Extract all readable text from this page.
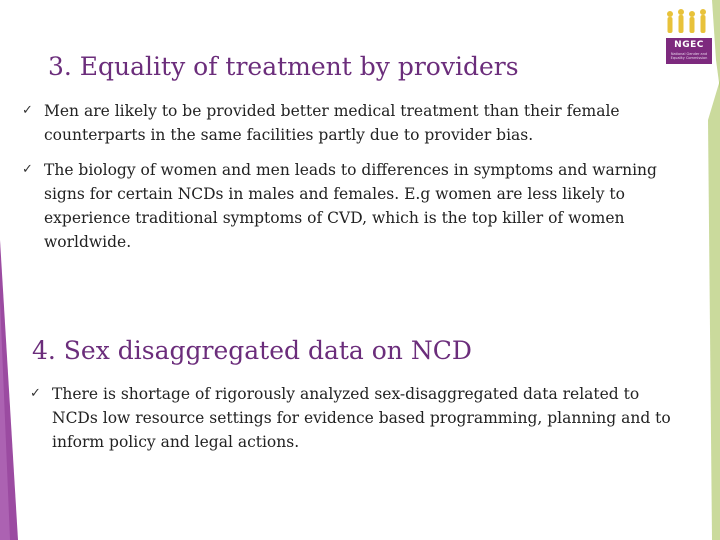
NGEC
National Gender and Equality Commission
3. Equality of treatment by providers
✓ Men are likely to be provided better medical treatment than their female counterparts in the same facilities partly due to provider bias.
✓ The biology of women and men leads to differences in symptoms and warning signs for certain NCDs in males and females. E.g women are less likely to experience traditional symptoms of CVD, which is the top killer of women worldwide.
4. Sex disaggregated data on NCD
✓ There is shortage of rigorously analyzed sex-disaggregated data related to NCDs low resource settings for evidence based programming, planning and to inform policy and legal actions.
